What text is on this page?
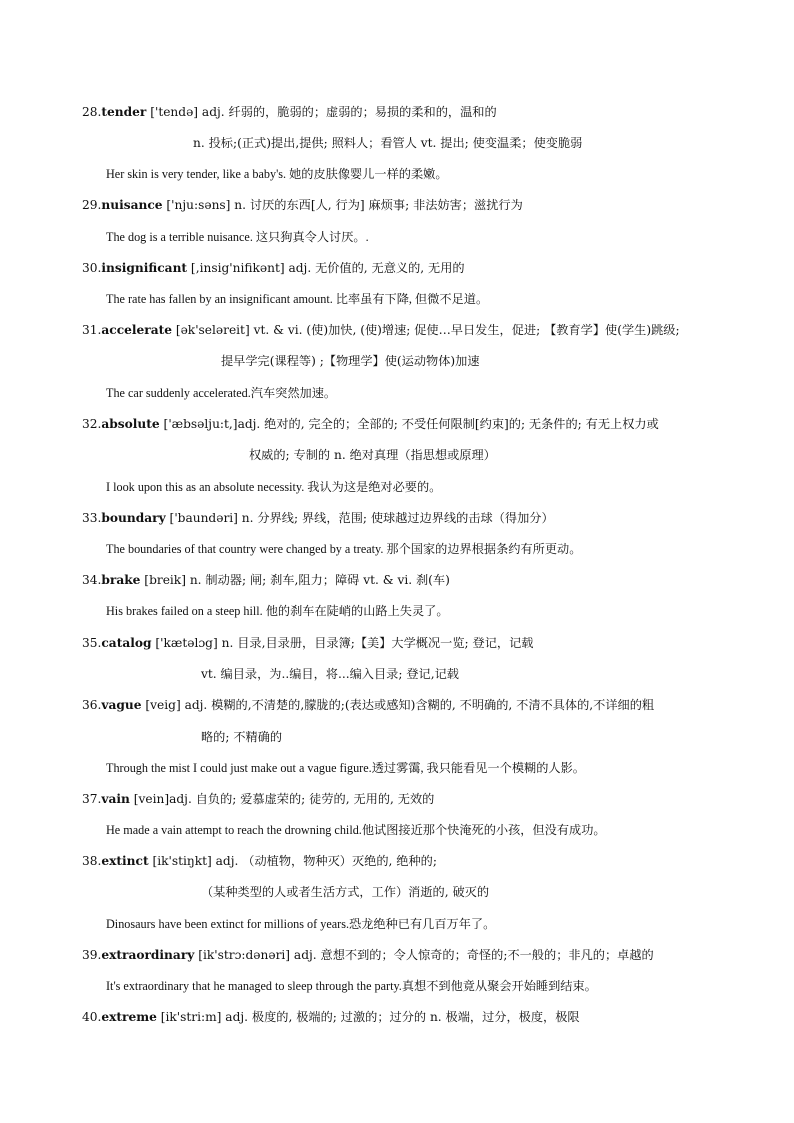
28.tender ['tendə] adj. 纤弱的，脆弱的；虚弱的；易损的柔和的，温和的
n. 投标;(正式)提出,提供; 照料人；看管人 vt. 提出; 使变温柔；使变脆弱
Her skin is very tender, like a baby's. 她的皮肤像婴儿一样的柔嫩。
29.nuisance ['nju:səns] n. 讨厌的东西[人, 行为] 麻烦事; 非法妨害；滋扰行为
The dog is a terrible nuisance. 这只狗真令人讨厌。.
30.insignificant [,insig'nifikənt] adj. 无价值的, 无意义的, 无用的
The rate has fallen by an insignificant amount. 比率虽有下降, 但微不足道。
31.accelerate [ək'seləreit] vt. & vi. (使)加快, (使)增速; 促使…早日发生，促进; 【教育学】使(学生)跳级;
提早学完(课程等) ;【物理学】使(运动物体)加速
The car suddenly accelerated.汽车突然加速。
32.absolute ['æbsəlju:t,]adj. 绝对的, 完全的；全部的; 不受任何限制[约束]的; 无条件的; 有无上权力或
权威的; 专制的 n. 绝对真理（指思想或原理）
I look upon this as an absolute necessity. 我认为这是绝对必要的。
33.boundary ['baundəri] n. 分界线; 界线，范围; 使球越过边界线的击球（得加分）
The boundaries of that country were changed by a treaty. 那个国家的边界根据条约有所更动。
34.brake [breik] n. 制动器; 闸; 刹车,阻力；障碍 vt. & vi. 刹(车)
His brakes failed on a steep hill. 他的刹车在陡峭的山路上失灵了。
35.catalog ['kætəlɔg] n. 目录,目录册，目录簿;【美】大学概况一览; 登记，记载
vt. 编目录，为..编目，将...编入目录; 登记,记载
36.vague [veig] adj. 模糊的,不清楚的,朦胧的;(表达或感知)含糊的, 不明确的, 不清不具体的,不详细的粗
略的; 不精确的
Through the mist I could just make out a vague figure.透过雾霭, 我只能看见一个模糊的人影。
37.vain [vein]adj. 自负的; 爱慕虚荣的; 徒劳的, 无用的, 无效的
He made a vain attempt to reach the drowning child.他试图接近那个快淹死的小孩，但没有成功。
38.extinct [ik'stiŋkt] adj. （动植物，物种灭）灭绝的, 绝种的;
（某种类型的人或者生活方式，工作）消逝的, 破灭的
Dinosaurs have been extinct for millions of years.恐龙绝种已有几百万年了。
39.extraordinary [ik'strɔ:dənəri] adj. 意想不到的；令人惊奇的；奇怪的;不一般的；非凡的；卓越的
It's extraordinary that he managed to sleep through the party.真想不到他竟从聚会开始睡到结束。
40.extreme [ik'stri:m] adj. 极度的, 极端的; 过激的；过分的 n. 极端，过分，极度，极限
